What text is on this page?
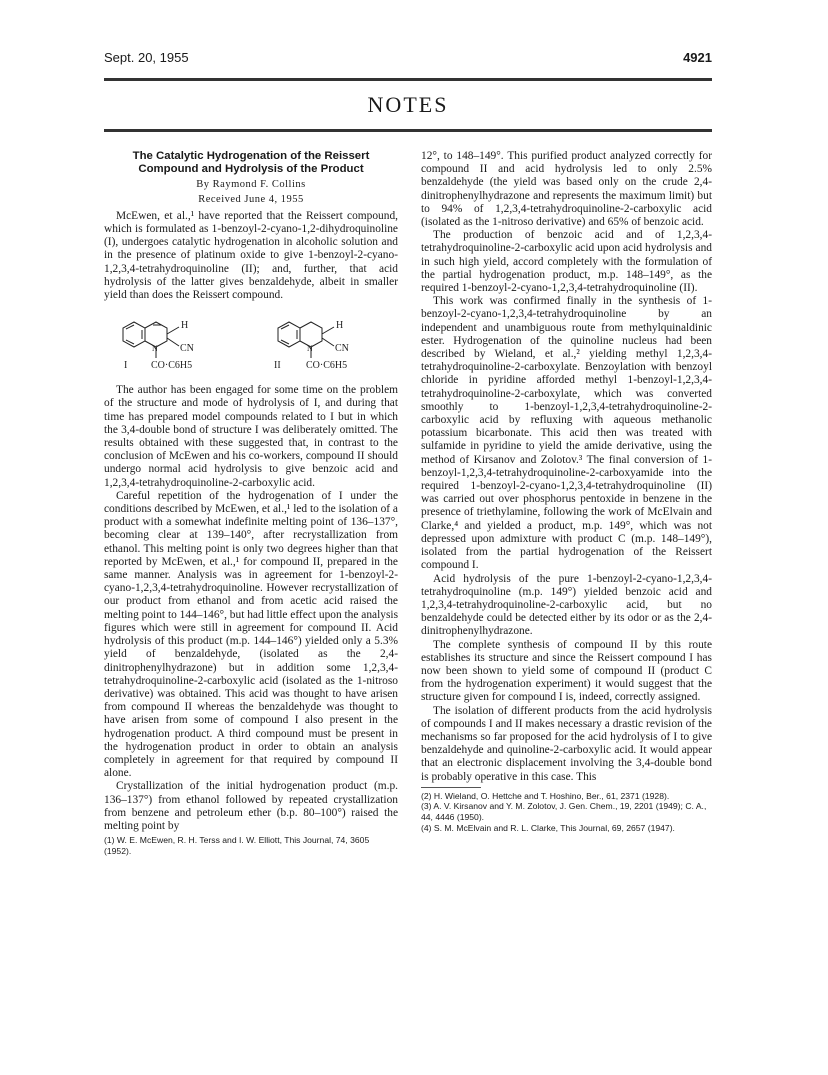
Sept. 20, 1955	4921
NOTES
The Catalytic Hydrogenation of the Reissert Compound and Hydrolysis of the Product
By Raymond F. Collins
Received June 4, 1955

McEwen, et al.,¹ have reported that the Reissert compound, which is formulated as 1-benzoyl-2-cyano-1,2-dihydroquinoline (I), undergoes catalytic hydrogenation in alcoholic solution and in the presence of platinum oxide to give 1-benzoyl-2-cyano-1,2,3,4-tetrahydroquinoline (II); and, further, that acid hydrolysis of the latter gives benzaldehyde, albeit in smaller yield than does the Reissert compound.

H
CN
N
CO·C6H5
I
H
CN
N
CO·C6H5
II

The author has been engaged for some time on the problem of the structure and mode of hydrolysis of I, and during that time has prepared model compounds related to I but in which the 3,4-double bond of structure I was deliberately omitted. The results obtained with these suggested that, in contrast to the conclusion of McEwen and his co-workers, compound II should undergo normal acid hydrolysis to give benzoic acid and 1,2,3,4-tetrahydroquinoline-2-carboxylic acid.

Careful repetition of the hydrogenation of I under the conditions described by McEwen, et al.,¹ led to the isolation of a product with a somewhat indefinite melting point of 136–137°, becoming clear at 139–140°, after recrystallization from ethanol. This melting point is only two degrees higher than that reported by McEwen, et al.,¹ for compound II, prepared in the same manner. Analysis was in agreement for 1-benzoyl-2-cyano-1,2,3,4-tetrahydroquinoline. However recrystallization of our product from ethanol and from acetic acid raised the melting point to 144–146°, but had little effect upon the analysis figures which were still in agreement for compound II. Acid hydrolysis of this product (m.p. 144–146°) yielded only a 5.3% yield of benzaldehyde, (isolated as the 2,4-dinitrophenylhydrazone) but in addition some 1,2,3,4-tetrahydroquinoline-2-carboxylic acid (isolated as the 1-nitroso derivative) was obtained. This acid was thought to have arisen from compound II whereas the benzaldehyde was thought to have arisen from some of compound I also present in the hydrogenation product. A third compound must be present in the hydrogenation product in order to obtain an analysis completely in agreement for that required by compound II alone.

Crystallization of the initial hydrogenation product (m.p. 136–137°) from ethanol followed by repeated crystallization from benzene and petroleum ether (b.p. 80–100°) raised the melting point by

(1) W. E. McEwen, R. H. Terss and I. W. Elliott, This Journal, 74, 3605 (1952).

12°, to 148–149°. This purified product analyzed correctly for compound II and acid hydrolysis led to only 2.5% benzaldehyde (the yield was based only on the crude 2,4-dinitrophenylhydrazone and represents the maximum limit) but to 94% of 1,2,3,4-tetrahydroquinoline-2-carboxylic acid (isolated as the 1-nitroso derivative) and 65% of benzoic acid.

The production of benzoic acid and of 1,2,3,4-tetrahydroquinoline-2-carboxylic acid upon acid hydrolysis and in such high yield, accord completely with the formulation of the partial hydrogenation product, m.p. 148–149°, as the required 1-benzoyl-2-cyano-1,2,3,4-tetrahydroquinoline (II).

This work was confirmed finally in the synthesis of 1-benzoyl-2-cyano-1,2,3,4-tetrahydroquinoline by an independent and unambiguous route from methylquinaldinic ester. Hydrogenation of the quinoline nucleus had been described by Wieland, et al.,² yielding methyl 1,2,3,4-tetrahydroquinoline-2-carboxylate. Benzoylation with benzoyl chloride in pyridine afforded methyl 1-benzoyl-1,2,3,4-tetrahydroquinoline-2-carboxylate, which was converted smoothly to 1-benzoyl-1,2,3,4-tetrahydroquinoline-2-carboxylic acid by refluxing with aqueous methanolic potassium bicarbonate. This acid then was treated with sulfamide in pyridine to yield the amide derivative, using the method of Kirsanov and Zolotov.³ The final conversion of 1-benzoyl-1,2,3,4-tetrahydroquinoline-2-carboxyamide into the required 1-benzoyl-2-cyano-1,2,3,4-tetrahydroquinoline (II) was carried out over phosphorus pentoxide in benzene in the presence of triethylamine, following the work of McElvain and Clarke,⁴ and yielded a product, m.p. 149°, which was not depressed upon admixture with product C (m.p. 148–149°), isolated from the partial hydrogenation of the Reissert compound I.

Acid hydrolysis of the pure 1-benzoyl-2-cyano-1,2,3,4-tetrahydroquinoline (m.p. 149°) yielded benzoic acid and 1,2,3,4-tetrahydroquinoline-2-carboxylic acid, but no benzaldehyde could be detected either by its odor or as the 2,4-dinitrophenylhydrazone.

The complete synthesis of compound II by this route establishes its structure and since the Reissert compound I has now been shown to yield some of compound II (product C from the hydrogenation experiment) it would suggest that the structure given for compound I is, indeed, correctly assigned.

The isolation of different products from the acid hydrolysis of compounds I and II makes necessary a drastic revision of the mechanisms so far proposed for the acid hydrolysis of I to give benzaldehyde and quinoline-2-carboxylic acid. It would appear that an electronic displacement involving the 3,4-double bond is probably operative in this case. This

(2) H. Wieland, O. Hettche and T. Hoshino, Ber., 61, 2371 (1928).

(3) A. V. Kirsanov and Y. M. Zolotov, J. Gen. Chem., 19, 2201 (1949); C. A., 44, 4446 (1950).

(4) S. M. McElvain and R. L. Clarke, This Journal, 69, 2657 (1947).
